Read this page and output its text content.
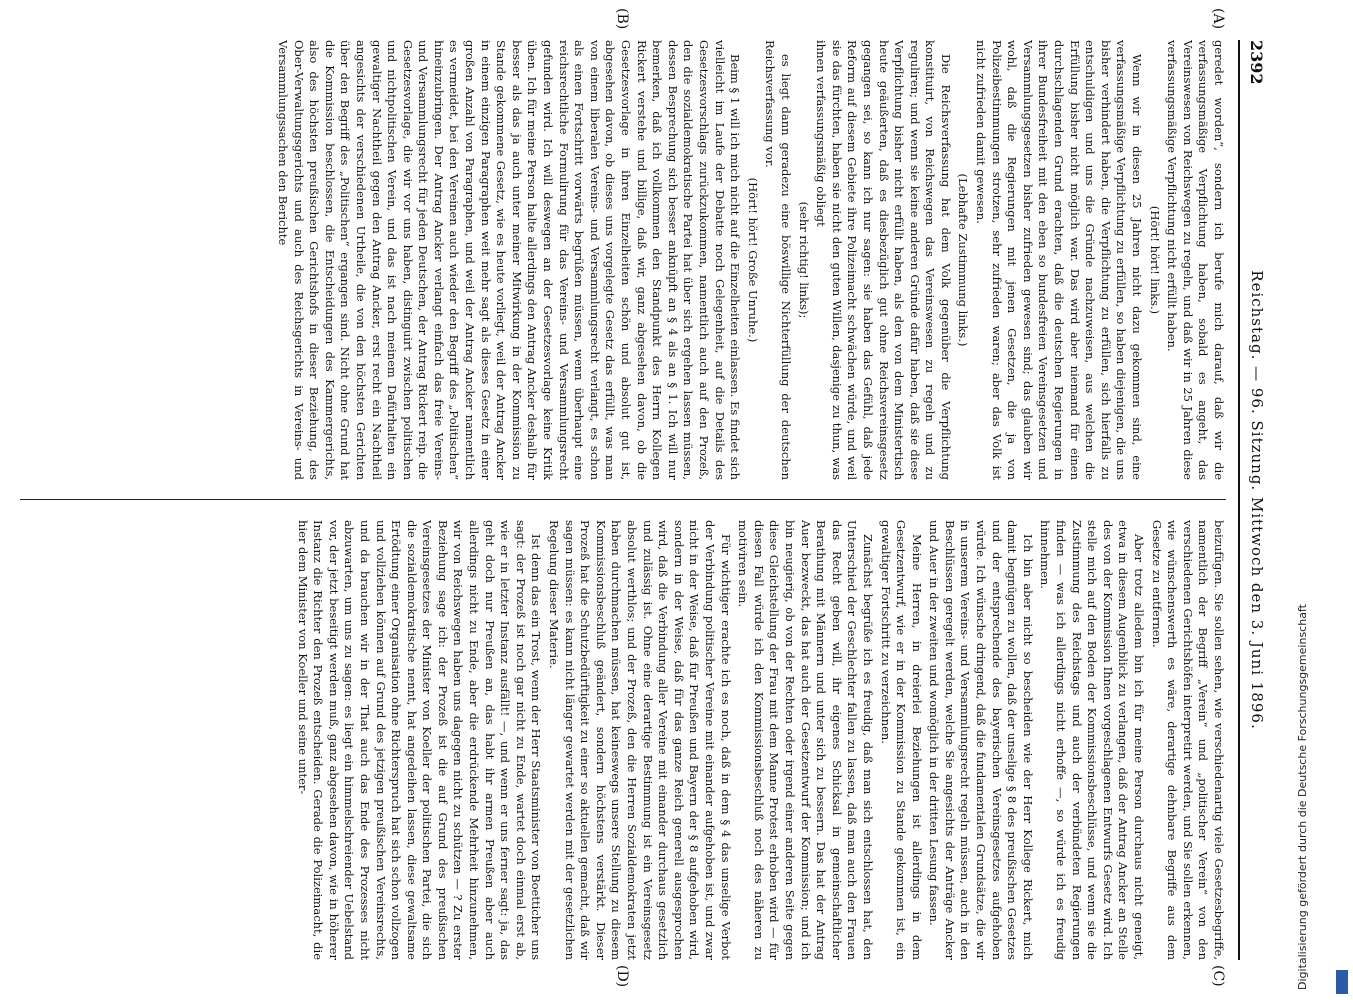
2392
Reichstag. — 96. Sitzung. Mittwoch den 3. Juni 1896.

geredet worden“, sondern ich berufe mich darauf, daß wir die verfassungsmäßige Verpflichtung haben, sobald es angeht, das Vereinswesen von Reichswegen zu regeln, und daß wir in 25 Jahren diese verfassungsmäßige Verpflichtung nicht erfüllt haben.

(Hört! hört! links.)

Wenn wir in diesen 25 Jahren nicht dazu gekommen sind, eine verfassungsmäßige Verpflichtung zu erfüllen, so haben diejenigen, die uns bisher verhindert haben, die Verpflichtung zu erfüllen, sich hierfalls zu entschuldigen und uns die Gründe nachzuweisen, aus welchen die Erfüllung bisher nicht möglich war. Das wird aber niemand für einen durchschlagenden Grund erachten, daß die deutschen Regierungen in ihrer Bundesfreiheit mit den eben so bundesfreien Vereinsgesetzen und Versammlungsgesetzen bisher zufrieden gewesen sind; das glauben wir wohl, daß die Regierungen mit jenen Gesetzen, die ja von Polizeibestimmungen strotzen, sehr zufrieden waren; aber das Volk ist nicht zufrieden damit gewesen.

(Lebhafte Zustimmung links.)

Die Reichsverfassung hat dem Volk gegenüber die Verpflichtung konstituirt, von Reichswegen das Vereinswesen zu regeln und zu reguliren; und wenn sie keine anderen Gründe dafür haben, daß sie diese Verpflichtung bisher nicht erfüllt haben, als den von dem Ministertisch heute geäußerten, daß es diesbezüglich gut ohne Reichsvereinsgesetz gegangen sei, so kann ich nur sagen: sie haben das Gefühl, daß jede Reform auf diesem Gebiete ihre Polizeimacht schwächen würde, und weil sie das fürchten, haben sie nicht den guten Willen, dasjenige zu thun, was ihnen verfassungsmäßig obliegt

(sehr richtig! links);

es liegt dann geradezu eine böswillige Nichterfüllung der deutschen Reichsverfassung vor.

(Hört! hört! Große Unruhe.)

Beim § 1 will ich mich nicht auf die Einzelheiten einlassen. Es findet sich vielleicht im Laufe der Debatte noch Gelegenheit, auf die Details des Gesetzesvorschlags zurückzukommen, namentlich auch auf den Prozeß, den die sozialdemokratische Partei hat über sich ergehen lassen müssen, dessen Besprechung sich besser anknüpft an § 4 als an § 1. Ich will nur bemerken, daß ich vollkommen den Standpunkt des Herrn Kollegen Rickert verstehe und billige, daß wir, ganz abgesehen davon, ob die Gesetzesvorlage in ihren Einzelheiten schön und absolut gut ist, abgesehen davon, ob dieses uns vorgelegte Gesetz das erfüllt, was man von einem liberalen Vereins- und Versammlungsrecht verlangt, es schon als einen Fortschritt vorwärts begrüßen müssen, wenn überhaupt eine reichsrechtliche Formulirung für das Vereins- und Versammlungsrecht gefunden wird. Ich will deswegen an der Gesetzesvorlage keine Kritik üben. Ich für meine Person halte allerdings den Antrag Ancker deshalb für besser als das ja auch unter meiner Mitwirkung in der Kommission zu Stande gekommene Gesetz, wie es heute vorliegt, weil der Antrag Ancker in einem einzigen Paragraphen weit mehr sagt als dieses Gesetz in einer großen Anzahl von Paragraphen, und weil der Antrag Ancker namentlich es vermeidet, bei den Vereinen auch wieder den Begriff des „Politischen“ hineinzubringen. Der Antrag Ancker verlangt einfach das freie Vereins- und Versammlungsrecht für jeden Deutschen, der Antrag Rickert reip. die Gesetzesvorlage, die wir vor uns haben, distinguirt zwischen politischen und nichtpolitischen Verein, und das ist nach meinem Dafürhalten ein gewaltiger Nachtheil gegen den Antrag Ancker, erst recht ein Nachtheil angesichts der verschiedenen Urtheile, die von den höchsten Gerichten über den Begriff des „Politischen“ ergangen sind. Nicht ohne Grund hat die Kommission beschlossen, die Entscheidungen des Kammergerichts, also des höchsten preußischen Gerichtshofs in dieser Beziehung, des Ober-Verwaltungsgerichts und auch des Reichsgerichts in Vereins- und Versammlungssachen den Berichte

beizufügen. Sie sollen sehen, wie verschiedenartig viele Gesetzesbegriffe, namentlich der Begriff „Verein“ und „politischer Verein“ von den verschiedenen Gerichtshöfen interpretirt werden, und Sie sollen erkennen, wie wünschenswerth es wäre, derartige dehnbare Begriffe aus dem Gesetze zu entfernen.

Aber trotz alledem bin ich für meine Person durchaus nicht geneigt, etwa in diesem Augenblick zu verlangen, daß der Antrag Ancker an Stelle des von der Kommission Ihnen vorgeschlagenen Entwurfs Gesetz wird. Ich stelle mich auf den Boden der Kommissionsbeschlüsse, und wenn sie die Zustimmung des Reichstags und auch der verbündeten Regierungen finden — was ich allerdings nicht erhoffe —, so würde ich es freudig hinnehmen.

Ich bin aber nicht so bescheiden wie der Herr Kollege Rickert, mich damit begnügen zu wollen, daß der unselige § 8 des preußischen Gesetzes und der entsprechende des bayerischen Vereinsgesetzes aufgehoben würde. Ich wünsche dringend, daß die fundamentalen Grundsätze, die wir in unserem Vereins- und Versammlungsrecht regeln müssen, auch in den Beschlüssen geregelt werden, welche Sie angesichts der Anträge Ancker und Auer in der zweiten und womöglich in der dritten Lesung fassen.

Meine Herren, in dreierlei Beziehungen ist allerdings in dem Gesetzentwurf, wie er in der Kommission zu Stande gekommen ist, ein gewaltiger Fortschritt zu verzeichnen.

Zunächst begrüße ich es freudig, daß man sich entschlossen hat, den Unterschied der Geschlechter fallen zu lassen, daß man auch den Frauen das Recht geben will, ihr eigenes Schicksal in gemeinschaftlicher Berathung mit Männern und unter sich zu bessern. Das hat der Antrag Auer bezweckt, das hat auch der Gesetzentwurf der Kommission; und ich bin neugierig, ob von der Rechten oder irgend einer anderen Seite gegen diese Gleichstellung der Frau mit dem Manne Protest erhoben wird — für diesen Fall würde ich den Kommissionsbeschluß noch des näheren zu motiviren sein.

Für wichtiger erachte ich es noch, daß in dem § 4 das unselige Verbot der Verbindung politischer Vereine mit einander aufgehoben ist, und zwar nicht in der Weise, daß für Preußen und Bayern der § 8 aufgehoben wird, sondern in der Weise, daß für das ganze Reich generell ausgesprochen wird, daß die Verbindung aller Vereine mit einander durchaus gesetzlich und zulässig ist. Ohne eine derartige Bestimmung ist ein Vereinsgesetz absolut werthlos; und der Prozeß, den die Herren Sozialdemokraten jetzt haben durchmachen müssen, hat keineswegs unsere Stellung zu diesem Kommissionsbeschluß geändert, sondern höchstens verstärkt. Dieser Prozeß hat die Schutzbedürftigkeit zu einer so aktuellen gemacht, daß wir sagen müssen: es kann nicht länger gewartet werden mit der gesetzlichen Regelung dieser Materie.

Ist denn das ein Trost, wenn der Herr Staatsminister von Boetticher uns sagt: der Prozeß ist noch gar nicht zu Ende, wartet doch einmal erst ab, wie er in letzter Instanz ausfällt! —, und wenn er uns ferner sagt: ja, das geht doch nur Preußen an, das habt ihr armen Preußen aber auch allerdings nicht zu Ende, aber die erdrückende Mehrheit hinzunehmen, wir von Reichswegen haben uns dagegen nicht zu schützen — ? Zu erster Beziehung sage ich: der Prozeß ist die auf Grund des preußischen Vereinsgesetzes der Minister von Koeller der politischen Partei, die sich die sozialdemokratische nennt, hat angedeihen lassen, diese gewaltsame Ertödtung einer Organisation ohne Richterspruch hat sich schon vollzogen und vollziehen können auf Grund des jetzigen preußischen Vereinsrechts, und da brauchen wir in der That auch das Ende des Prozesses nicht abzuwarten, um uns zu sagen: es liegt ein himmelschreiender Uebelstand vor, der jetzt beseitigt werden muß, ganz abgesehen davon, wie in höherer Instanz die Richter den Prozeß entscheiden. Gerade die Polizeimacht, die hier dem Minister von Koeller und seine unter-

(A)
(B)
(C)
(D)	Digitalisierung gefördert durch die Deutsche Forschungsgemeinschaft
